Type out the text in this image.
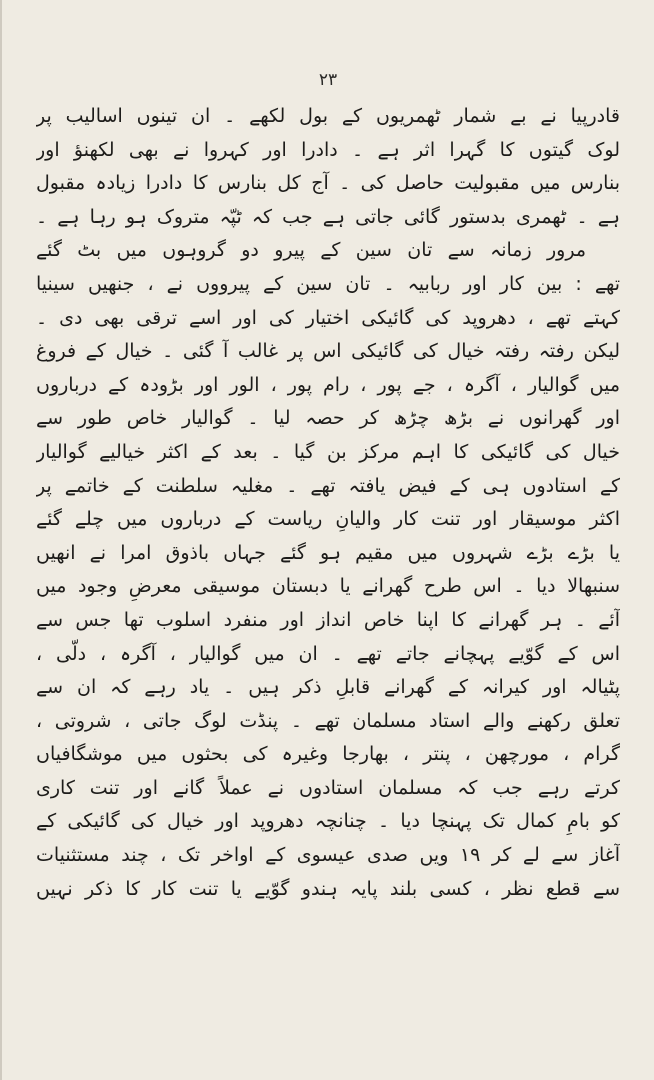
۲۳
قادرپیا نے بے شمار ٹھمریوں کے بول لکھے ۔ ان تینوں اسالیب پر
لوک گیتوں کا گہرا اثر ہے ۔ دادرا اور کہروا نے بھی لکھنؤ اور
بنارس میں مقبولیت حاصل کی ۔ آج کل بنارس کا دادرا زیادہ مقبول
ہے ۔ ٹھمری بدستور گائی جاتی ہے جب کہ ٹپّہ متروک ہو رہا ہے ۔
مرور زمانہ سے تان سین کے پیرو دو گروہوں میں بٹ گئے
تھے : بین کار اور ربابیہ ۔ تان سین کے پیرووں نے ، جنھیں سینیا
کہتے تھے ، دھروپد کی گائیکی اختیار کی اور اسے ترقی بھی دی ۔
لیکن رفتہ رفتہ خیال کی گائیکی اس پر غالب آ گئی ۔ خیال کے فروغ
میں گوالیار ، آگرہ ، جے پور ، رام پور ، الور اور بڑودہ کے درباروں
اور گھرانوں نے بڑھ چڑھ کر حصہ لیا ۔ گوالیار خاص طور سے
خیال کی گائیکی کا اہم مرکز بن گیا ۔ بعد کے اکثر خیالیے گوالیار
کے استادوں ہی کے فیض یافتہ تھے ۔ مغلیہ سلطنت کے خاتمے پر
اکثر موسیقار اور تنت کار والیانِ ریاست کے درباروں میں چلے گئے
یا بڑے بڑے شہروں میں مقیم ہو گئے جہاں باذوق امرا نے انھیں
سنبھالا دیا ۔ اس طرح گھرانے یا دبستان موسیقی معرضِ وجود میں
آئے ۔ ہر گھرانے کا اپنا خاص انداز اور منفرد اسلوب تھا جس سے
اس کے گوّیے پہچانے جاتے تھے ۔ ان میں گوالیار ، آگرہ ، دلّی ،
پٹیالہ اور کیرانہ کے گھرانے قابلِ ذکر ہیں ۔ یاد رہے کہ ان سے
تعلق رکھنے والے استاد مسلمان تھے ۔ پنڈت لوگ جاتی ، شروتی ،
گرام ، مورچھن ، پنتر ، بھارجا وغیرہ کی بحثوں میں موشگافیاں
کرتے رہے جب کہ مسلمان استادوں نے عملاً گانے اور تنت کاری
کو بامِ کمال تک پہنچا دیا ۔ چنانچہ دھروپد اور خیال کی گائیکی کے
آغاز سے لے کر ۱۹ ویں صدی عیسوی کے اواخر تک ، چند مستثنیات
سے قطع نظر ، کسی بلند پایہ ہندو گوّیے یا تنت کار کا ذکر نہیں
